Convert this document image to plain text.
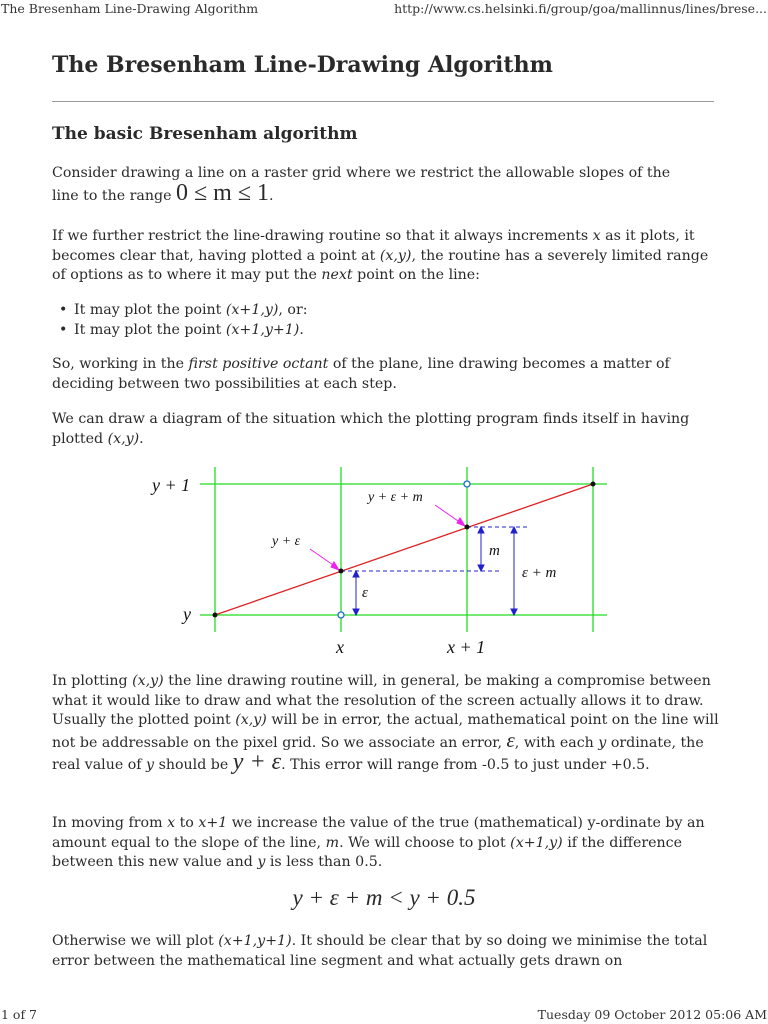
The Bresenham Line-Drawing Algorithm	http://www.cs.helsinki.fi/group/goa/mallinnus/lines/brese...
The Bresenham Line-Drawing Algorithm
The basic Bresenham algorithm

Consider drawing a line on a raster grid where we restrict the allowable slopes of the
line to the range 0 ≤ m ≤ 1.

If we further restrict the line-drawing routine so that it always increments x as it plots, it becomes clear that, having plotted a point at (x,y), the routine has a severely limited range of options as to where it may put the next point on the line:

• It may plot the point (x+1,y), or:
• It may plot the point (x+1,y+1).

So, working in the first positive octant of the plane, line drawing becomes a matter of deciding between two possibilities at each step.

We can draw a diagram of the situation which the plotting program finds itself in having plotted (x,y).

y + 1
y
x	x + 1
y + ε + m
y + ε
m
ε + m
ε

In plotting (x,y) the line drawing routine will, in general, be making a compromise between what it would like to draw and what the resolution of the screen actually allows it to draw. Usually the plotted point (x,y) will be in error, the actual, mathematical point on the line will not be addressable on the pixel grid. So we associate an error, ε, with each y ordinate, the real value of y should be y + ε. This error will range from -0.5 to just under +0.5.

In moving from x to x+1 we increase the value of the true (mathematical) y-ordinate by an amount equal to the slope of the line, m. We will choose to plot (x+1,y) if the difference between this new value and y is less than 0.5.

y + ε + m < y + 0.5

Otherwise we will plot (x+1,y+1). It should be clear that by so doing we minimise the total error between the mathematical line segment and what actually gets drawn on

1 of 7	Tuesday 09 October 2012 05:06 AM
